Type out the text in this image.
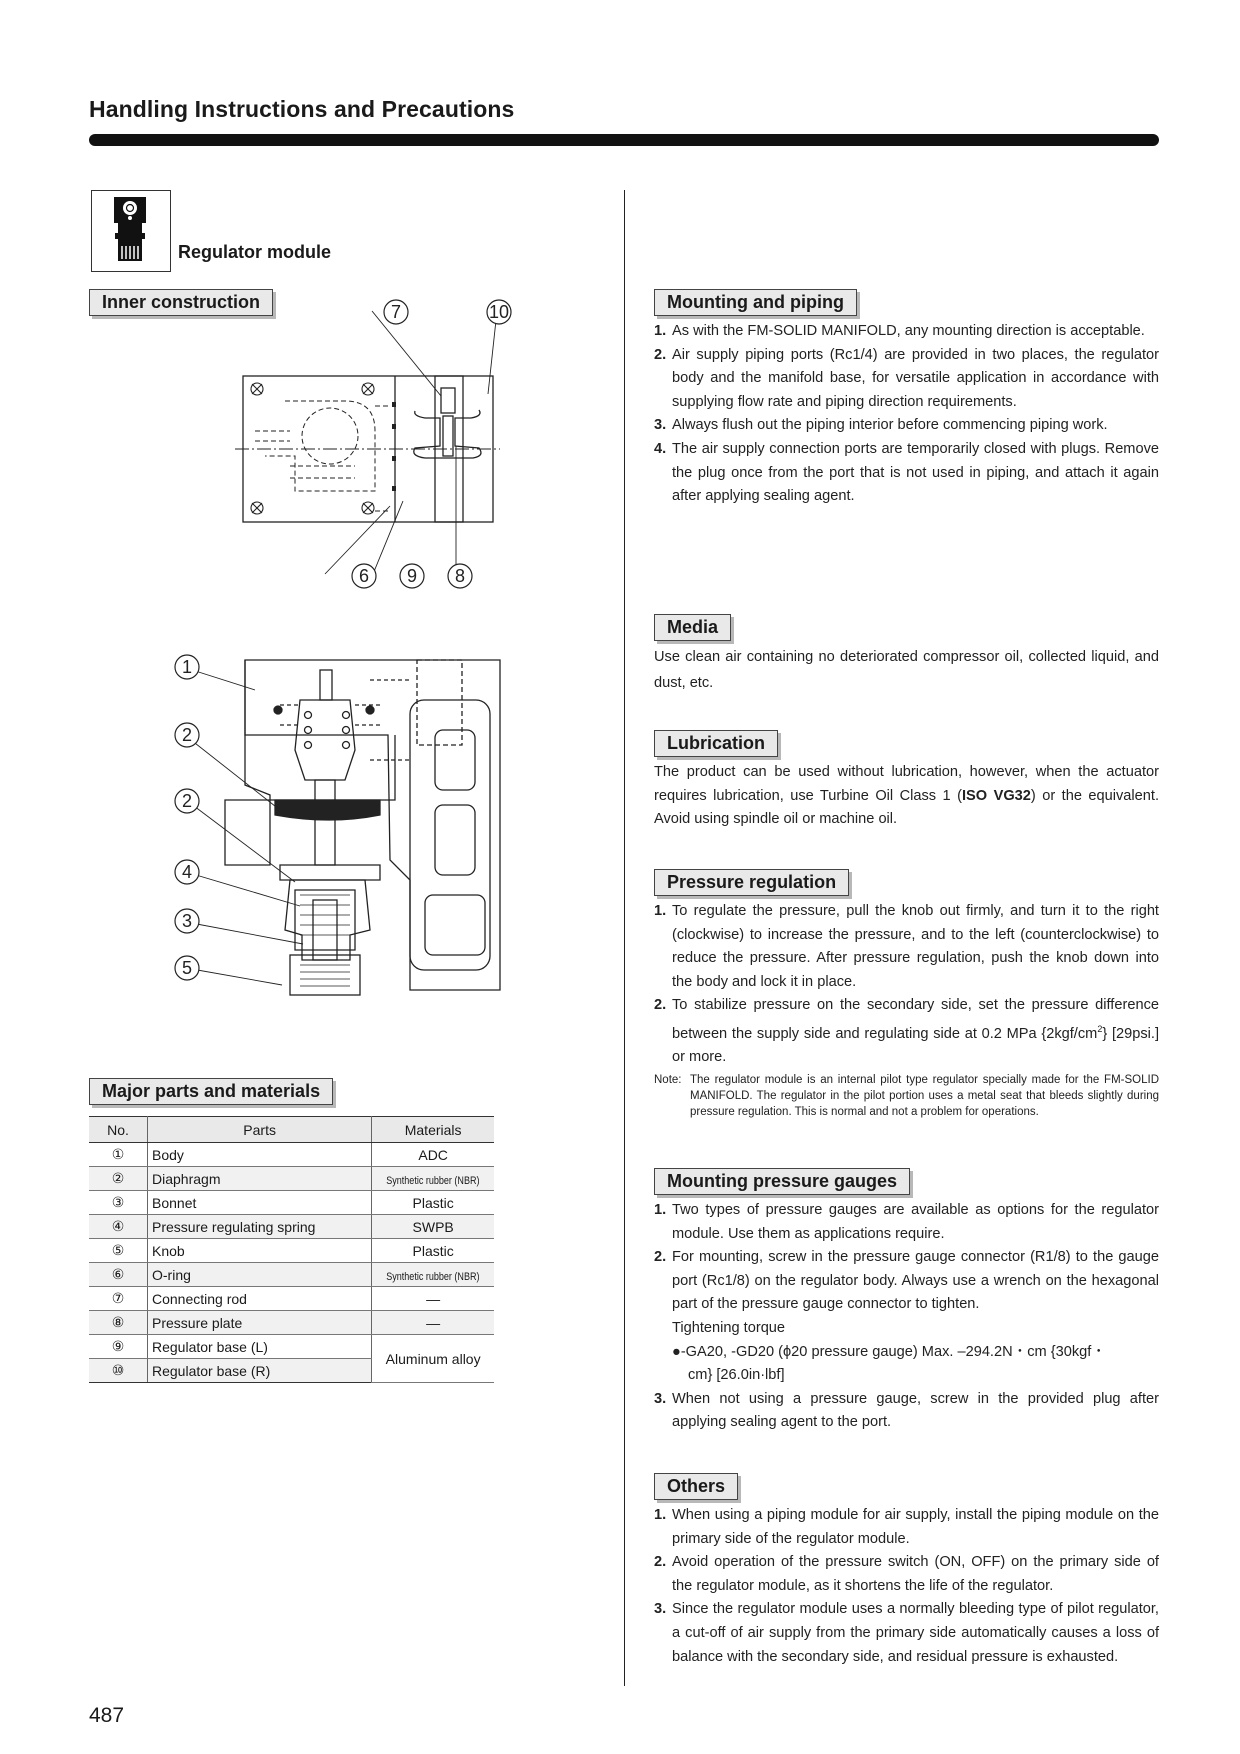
Handling Instructions and Precautions
Regulator module
Inner construction	7	10
6 9 8
1
2
2
4
3
5
Major parts and materials
No.	Parts	Materials
①	Body	ADC
②	Diaphragm	Synthetic rubber (NBR)
③	Bonnet	Plastic
④	Pressure regulating spring	SWPB
⑤	Knob	Plastic
⑥	O-ring	Synthetic rubber (NBR)
⑦	Connecting rod	—
⑧	Pressure plate	—
⑨	Regulator base (L)	Aluminum alloy
⑩	Regulator base (R)	
Mounting and piping
1. As with the FM-SOLID MANIFOLD, any mounting direction is acceptable.
2. Air supply piping ports (Rc1/4) are provided in two places, the regulator body and the manifold base, for versatile application in accordance with supplying flow rate and piping direction requirements.
3. Always flush out the piping interior before commencing piping work.
4. The air supply connection ports are temporarily closed with plugs. Remove the plug once from the port that is not used in piping, and attach it again after applying sealing agent.
Media

Use clean air containing no deteriorated compressor oil, collected liquid, and dust, etc.

Lubrication

The product can be used without lubrication, however, when the actuator requires lubrication, use Turbine Oil Class 1 (ISO VG32) or the equivalent. Avoid using spindle oil or machine oil.

Pressure regulation
1. To regulate the pressure, pull the knob out firmly, and turn it to the right (clockwise) to increase the pressure, and to the left (counterclockwise) to reduce the pressure. After pressure regulation, push the knob down into the body and lock it in place.
2. To stabilize pressure on the secondary side, set the pressure difference between the supply side and regulating side at 0.2 MPa $\{2kgf/cm^2\}$ [29psi.] or more.
Note: The regulator module is an internal pilot type regulator specially made for the FM-SOLID MANIFOLD. The regulator in the pilot portion uses a metal seat that bleeds slightly during pressure regulation. This is normal and not a problem for operations.
Mounting pressure gauges
1. Two types of pressure gauges are available as options for the regulator module. Use them as applications require.
2. For mounting, screw in the pressure gauge connector (R1/8) to the gauge port (Rc1/8) on the regulator body. Always use a wrench on the hexagonal part of the pressure gauge connector to tighten.
Tightening torque
●-GA20, -GD20 (ϕ20 pressure gauge) Max. –294.2N・cm {30kgf・
cm} [26.0in·lbf]
3. When not using a pressure gauge, screw in the provided plug after applying sealing agent to the port.
Others
1. When using a piping module for air supply, install the piping module on the primary side of the regulator module.
2. Avoid operation of the pressure switch (ON, OFF) on the primary side of the regulator module, as it shortens the life of the regulator.
3. Since the regulator module uses a normally bleeding type of pilot regulator, a cut-off of air supply from the primary side automatically causes a loss of balance with the secondary side, and residual pressure is exhausted.
487
